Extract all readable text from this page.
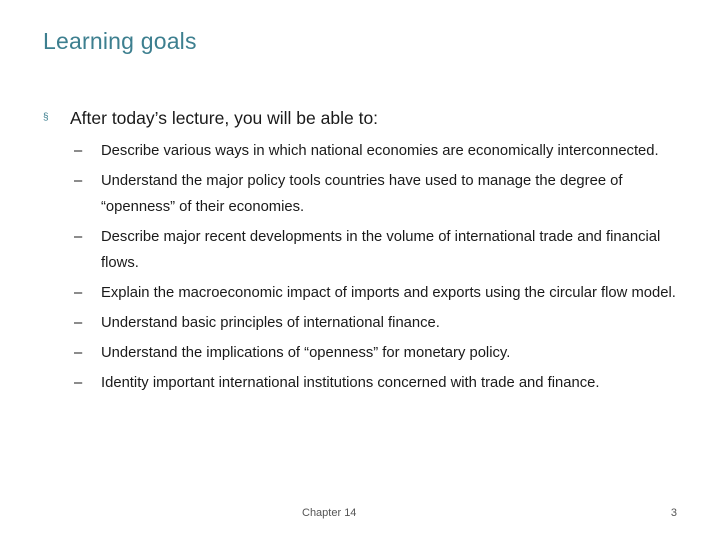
Learning goals
§	After today’s lecture, you will be able to:
–	Describe various ways in which national economies are economically interconnected.
–	Understand the major policy tools countries have used to manage the degree of “openness” of their economies.
–	Describe major recent developments in the volume of international trade and financial flows.
–	Explain the macroeconomic impact of imports and exports using the circular flow model.
–	Understand basic principles of international finance.
–	Understand the implications of “openness” for monetary policy.
–	Identity important international institutions concerned with trade and finance.
Chapter 14	3
